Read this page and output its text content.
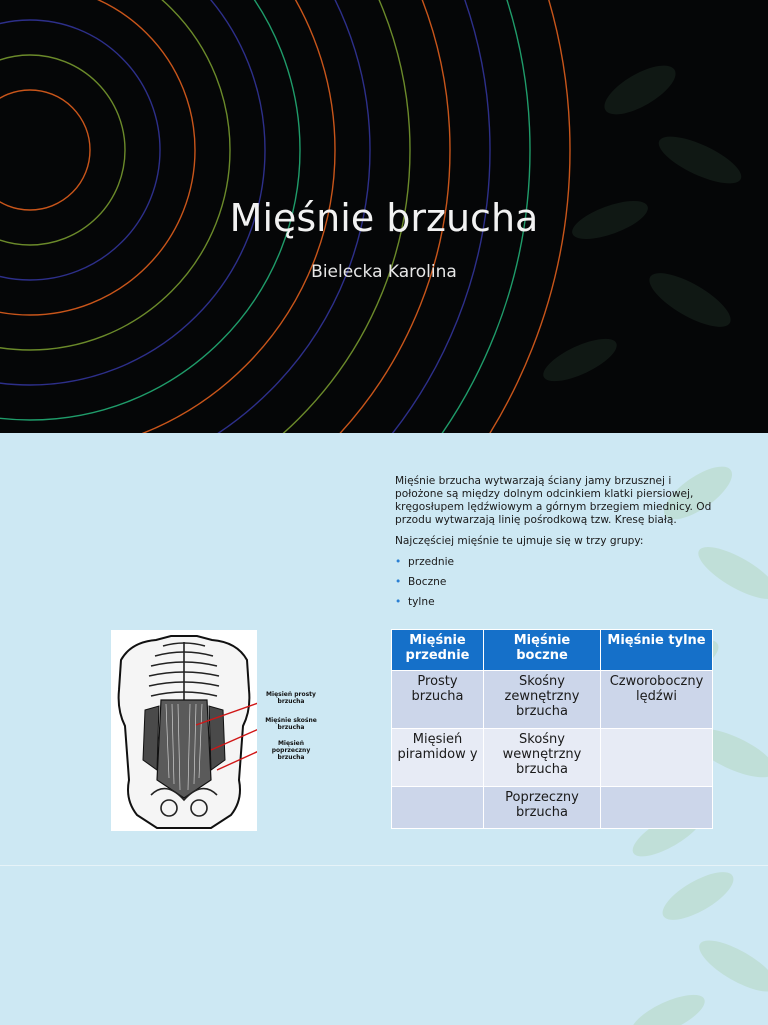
Mięśnie brzucha
Bielecka Karolina

Mięśnie brzucha wytwarzają ściany jamy brzusznej i położone są między dolnym odcinkiem klatki piersiowej, kręgosłupem lędźwiowym a górnym brzegiem miednicy. Od przodu wytwarzają linię pośrodkową tzw. Kresę białą.

Najczęściej mięśnie te ujmuje się w trzy grupy:

• przednie
• Boczne
• tylne
Mięsień prosty brzucha
Mięśnie skośne brzucha
Mięsień poprzeczny brzucha
Mięśnie przednie	Mięśnie boczne	Mięśnie tylne
Prosty brzucha	Skośny zewnętrzny brzucha	Czworoboczny lędźwi
Mięsień piramidow y	Skośny wewnętrzny brzucha	
	Poprzeczny brzucha	
